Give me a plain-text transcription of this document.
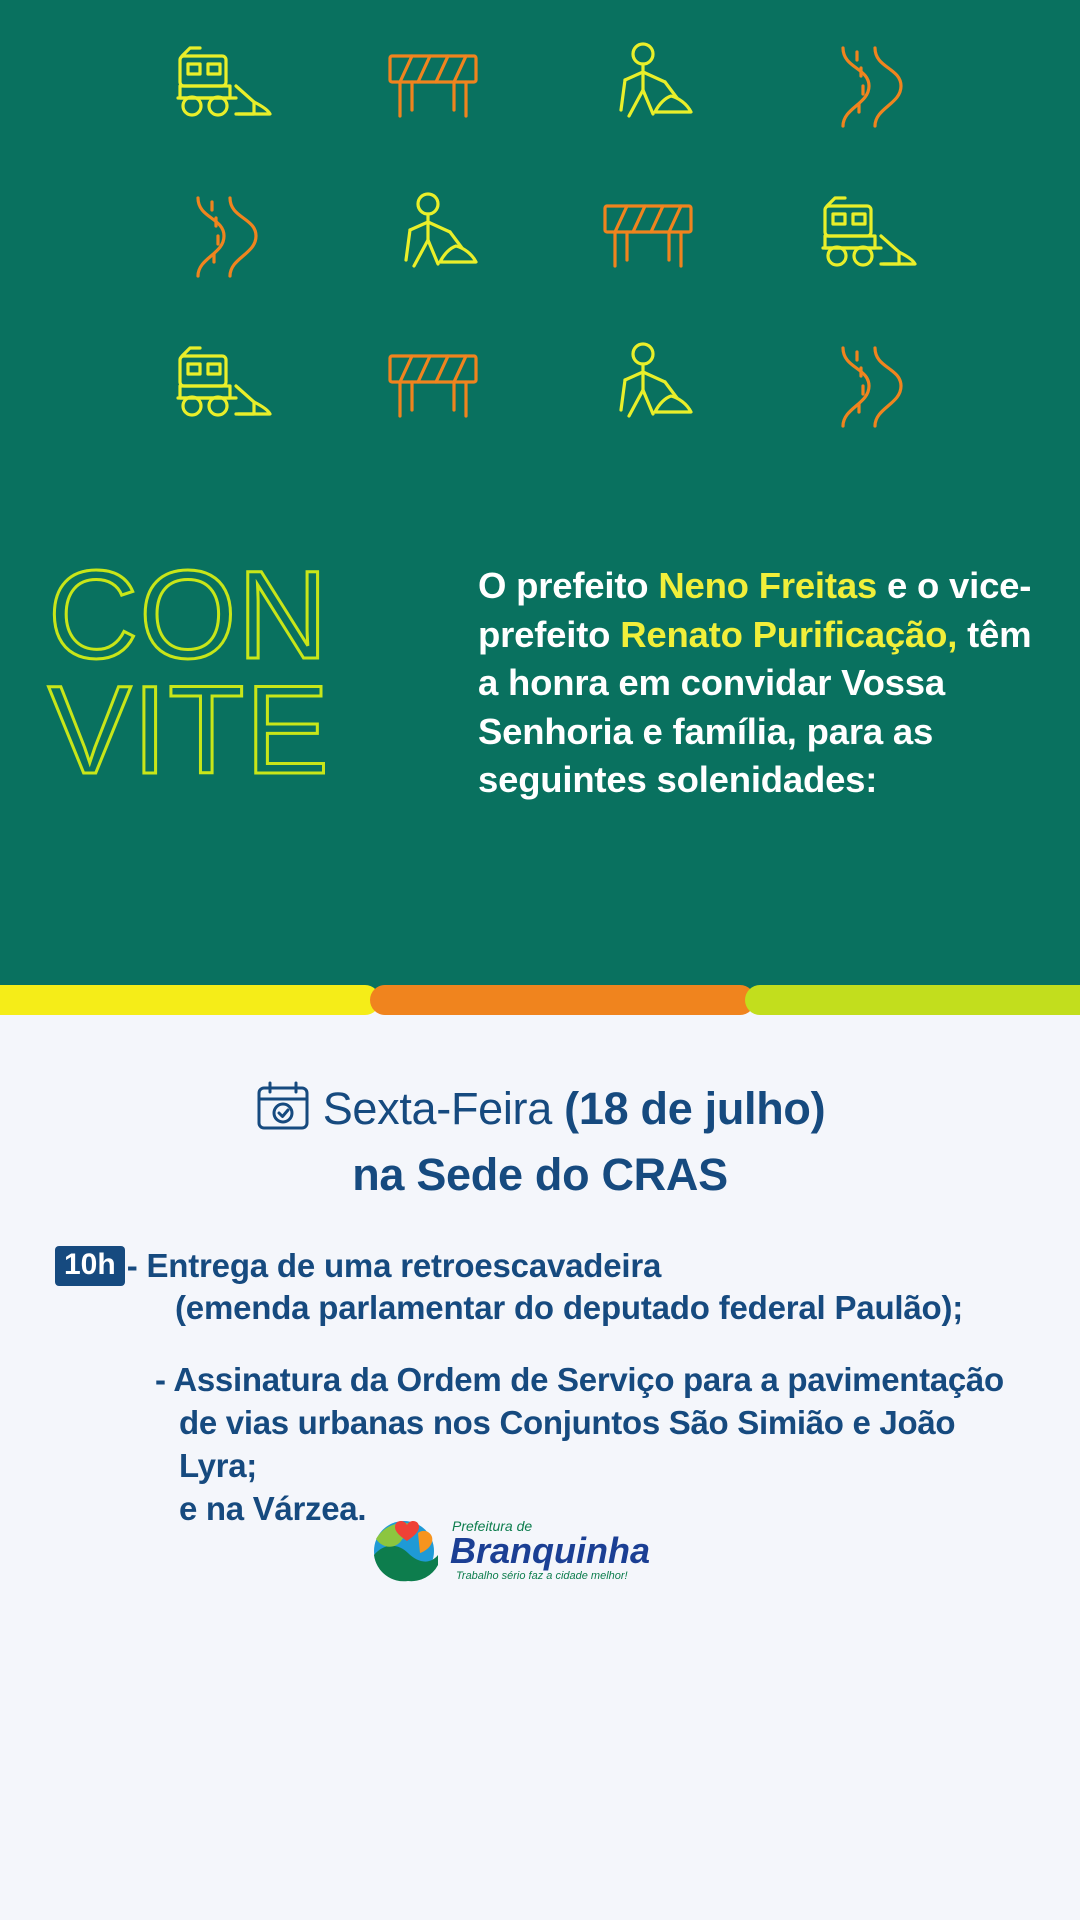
CON
VITE
O prefeito Neno Freitas e o vice-prefeito Renato Purificação, têm a honra em convidar Vossa Senhoria e família, para as seguintes solenidades:
Sexta-Feira (18 de julho)
na Sede do CRAS
10h - Entrega de uma retroescavadeira
(emenda parlamentar do deputado federal Paulão);
- Assinatura da Ordem de Serviço para a pavimentação
de vias urbanas nos Conjuntos São Simião e João Lyra;
e na Várzea.	Prefeitura de
Branquinha
Trabalho sério faz a cidade melhor!
